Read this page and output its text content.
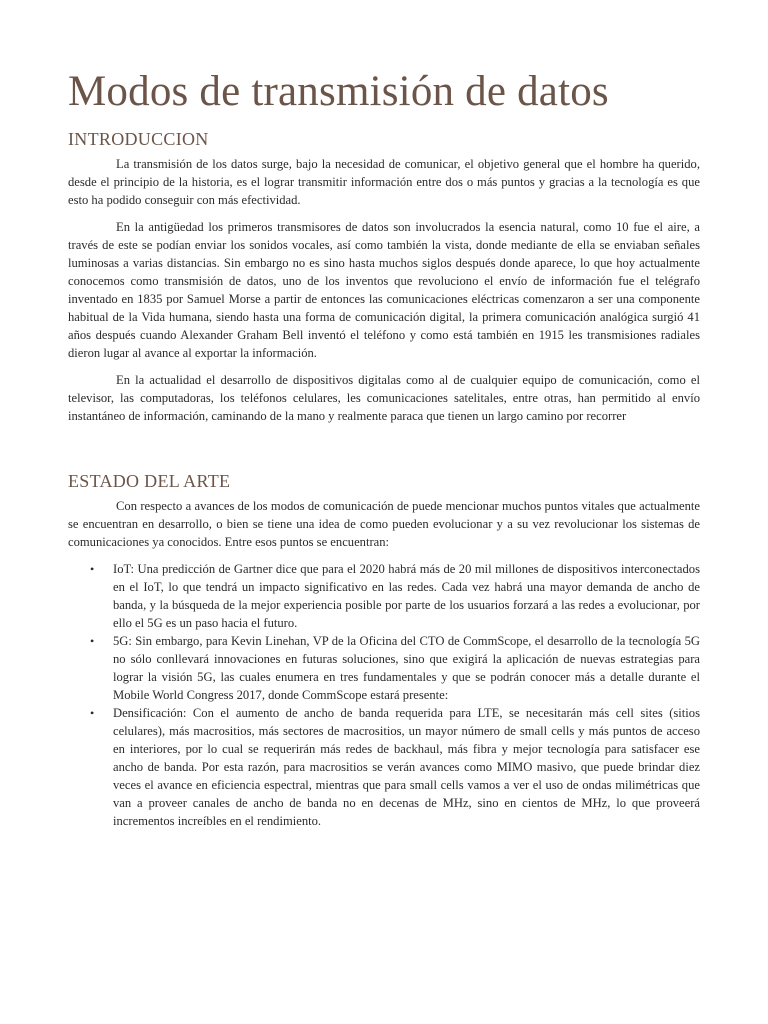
Modos de transmisión de datos
INTRODUCCION

La transmisión de los datos surge, bajo la necesidad de comunicar, el objetivo general que el hombre ha querido, desde el principio de la historia, es el lograr transmitir información entre dos o más puntos y gracias a la tecnología es que esto ha podido conseguir con más efectividad.

En la antigüedad los primeros transmisores de datos son involucrados la esencia natural, como 10 fue el aire, a través de este se podían enviar los sonidos vocales, así como también la vista, donde mediante de ella se enviaban señales luminosas a varias distancias. Sin embargo no es sino hasta muchos siglos después donde aparece, lo que hoy actualmente conocemos como transmisión de datos, uno de los inventos que revoluciono el envío de información fue el telégrafo inventado en 1835 por Samuel Morse a partir de entonces las comunicaciones eléctricas comenzaron a ser una componente habitual de la Vida humana, siendo hasta una forma de comunicación digital, la primera comunicación analógica surgió 41 años después cuando Alexander Graham Bell inventó el teléfono y como está también en 1915 les transmisiones radiales dieron lugar al avance al exportar la información.

En la actualidad el desarrollo de dispositivos digitalas como al de cualquier equipo de comunicación, como el televisor, las computadoras, los teléfonos celulares, les comunicaciones satelitales, entre otras, han permitido al envío instantáneo de información, caminando de la mano y realmente paraca que tienen un largo camino por recorrer

ESTADO DEL ARTE

Con respecto a avances de los modos de comunicación de puede mencionar muchos puntos vitales que actualmente se encuentran en desarrollo, o bien se tiene una idea de como pueden evolucionar y a su vez revolucionar los sistemas de comunicaciones ya conocidos. Entre esos puntos se encuentran:

• IoT: Una predicción de Gartner dice que para el 2020 habrá más de 20 mil millones de dispositivos interconectados en el IoT, lo que tendrá un impacto significativo en las redes. Cada vez habrá una mayor demanda de ancho de banda, y la búsqueda de la mejor experiencia posible por parte de los usuarios forzará a las redes a evolucionar, por ello el 5G es un paso hacia el futuro.
• 5G: Sin embargo, para Kevin Linehan, VP de la Oficina del CTO de CommScope, el desarrollo de la tecnología 5G no sólo conllevará innovaciones en futuras soluciones, sino que exigirá la aplicación de nuevas estrategias para lograr la visión 5G, las cuales enumera en tres fundamentales y que se podrán conocer más a detalle durante el Mobile World Congress 2017, donde CommScope estará presente:
• Densificación: Con el aumento de ancho de banda requerida para LTE, se necesitarán más cell sites (sitios celulares), más macrositios, más sectores de macrositios, un mayor número de small cells y más puntos de acceso en interiores, por lo cual se requerirán más redes de backhaul, más fibra y mejor tecnología para satisfacer ese ancho de banda. Por esta razón, para macrositios se verán avances como MIMO masivo, que puede brindar diez veces el avance en eficiencia espectral, mientras que para small cells vamos a ver el uso de ondas milimétricas que van a proveer canales de ancho de banda no en decenas de MHz, sino en cientos de MHz, lo que proveerá incrementos increíbles en el rendimiento.
